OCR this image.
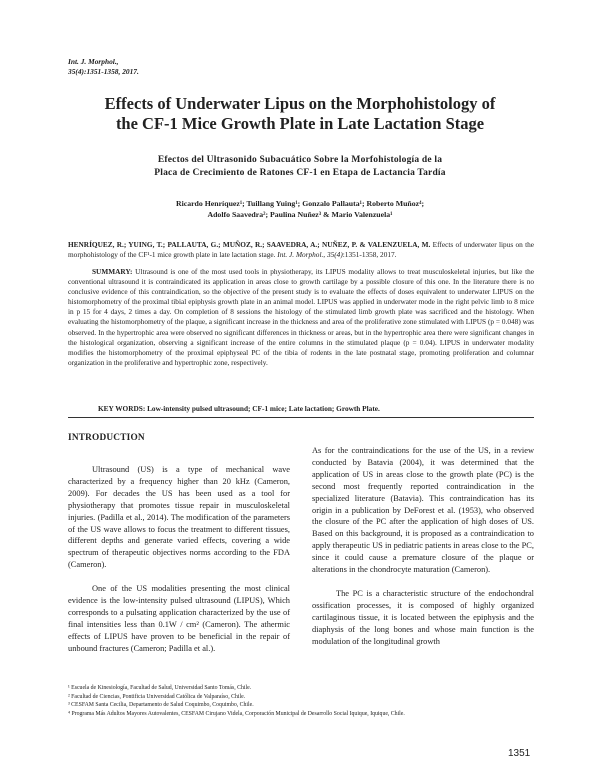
Int. J. Morphol.,
35(4):1351-1358, 2017.
Effects of Underwater Lipus on the Morphohistology of
the CF-1 Mice Growth Plate in Late Lactation Stage
Efectos del Ultrasonido Subacuático Sobre la Morfohistología de la
Placa de Crecimiento de Ratones CF-1 en Etapa de Lactancia Tardía
Ricardo Henríquez¹; Tuillang Yuing¹; Gonzalo Pallauta¹; Roberto Muñoz⁴;
Adolfo Saavedra²; Paulina Nuñez³ & Mario Valenzuela¹
HENRÍQUEZ, R.; YUING, T.; PALLAUTA, G.; MUÑOZ, R.; SAAVEDRA, A.; NUÑEZ, P. & VALENZUELA, M. Effects of underwater lipus on the morphohistology of the CF¹-1 mice growth plate in late lactation stage. Int. J. Morphol., 35(4):1351-1358, 2017.
SUMMARY: Ultrasound is one of the most used tools in physiotherapy, its LIPUS modality allows to treat musculoskeletal injuries, but like the conventional ultrasound it is contraindicated its application in areas close to growth cartilage by a possible closure of this one. In the literature there is no conclusive evidence of this contraindication, so the objective of the present study is to evaluate the effects of doses equivalent to underwater LIPUS on the histomorphometry of the proximal tibial epiphysis growth plate in an animal model. LIPUS was applied in underwater mode in the right pelvic limb to 8 mice in p 15 for 4 days, 2 times a day. On completion of 8 sessions the histology of the stimulated limb growth plate was sacrificed and the histology. When evaluating the histomorphometry of the plaque, a significant increase in the thickness and area of the proliferative zone stimulated with LIPUS (p = 0.048) was observed. In the hypertrophic area were observed no significant differences in thickness or areas, but in the hypertrophic area there were significant changes in the histological organization, observing a significant increase of the entire columns in the stimulated plaque (p = 0.04). LIPUS in underwater modality modifies the histomorphometry of the proximal epiphyseal PC of the tibia of rodents in the late postnatal stage, promoting proliferation and columnar organization in the proliferative and hypertrophic zone, respectively.
KEY WORDS: Low-intensity pulsed ultrasound; CF-1 mice; Late lactation; Growth Plate.
INTRODUCTION

Ultrasound (US) is a type of mechanical wave characterized by a frequency higher than 20 kHz (Cameron, 2009). For decades the US has been used as a tool for physiotherapy that promotes tissue repair in musculoskeletal injuries. (Padilla et al., 2014). The modification of the parameters of the US wave allows to focus the treatment to different tissues, different depths and generate varied effects, covering a wide spectrum of therapeutic objectives norms according to the FDA (Cameron).

One of the US modalities presenting the most clinical evidence is the low-intensity pulsed ultrasound (LIPUS), Which corresponds to a pulsating application characterized by the use of final intensities less than 0.1W / cm² (Cameron). The athermic effects of LIPUS have proven to be beneficial in the repair of unbound fractures (Cameron; Padilla et al.).

As for the contraindications for the use of the US, in a review conducted by Batavia (2004), it was determined that the application of US in areas close to the growth plate (PC) is the second most frequently reported contraindication in the specialized literature (Batavia). This contraindication has its origin in a publication by DeForest et al. (1953), who observed the closure of the PC after the application of high doses of US. Based on this background, it is proposed as a contraindication to apply therapeutic US in pediatric patients in areas close to the PC, since it could cause a premature closure of the plaque or alterations in the chondrocyte maturation (Cameron).

The PC is a characteristic structure of the endochondral ossification processes, it is composed of highly organized cartilaginous tissue, it is located between the epiphysis and the diaphysis of the long bones and whose main function is the modulation of the longitudinal growth

¹ Escuela de Kinesiología, Facultad de Salud, Universidad Santo Tomás, Chile.
² Facultad de Ciencias, Pontificia Universidad Católica de Valparaíso, Chile.
³ CESFAM Santa Cecilia, Departamento de Salud Coquimbo, Coquimbo, Chile.
⁴ Programa Más Adultos Mayores Autovalentes, CESFAM Cirujano Videla, Corporación Municipal de Desarrollo Social Iquique, Iquique, Chile.
1351
